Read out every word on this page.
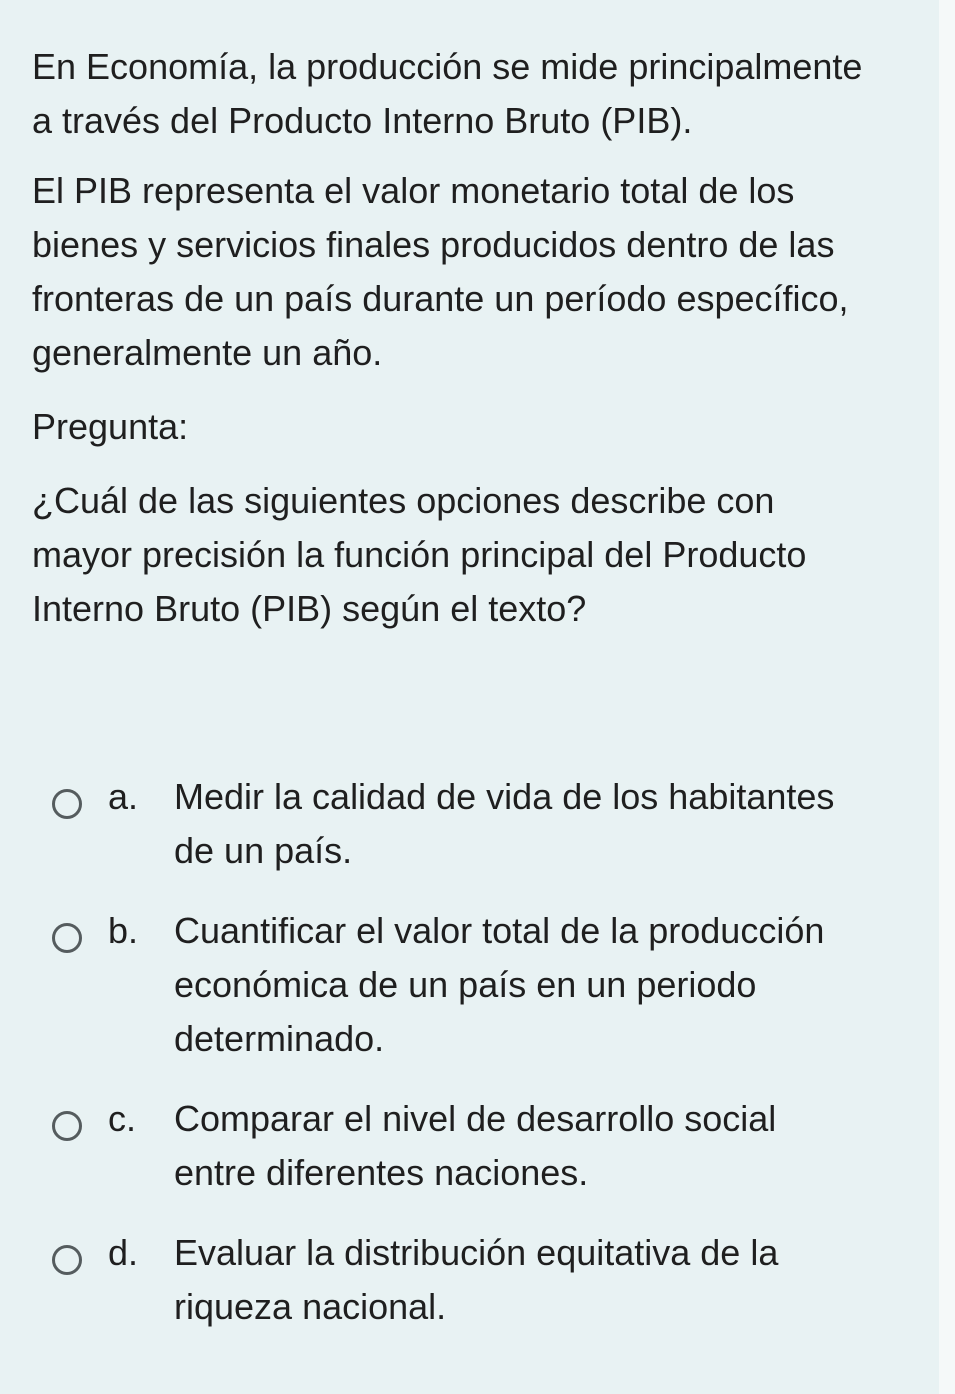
En Economía, la producción se mide principalmente a través del Producto Interno Bruto (PIB).

El PIB representa el valor monetario total de los bienes y servicios finales producidos dentro de las fronteras de un país durante un período específico, generalmente un año.

Pregunta:

¿Cuál de las siguientes opciones describe con mayor precisión la función principal del Producto Interno Bruto (PIB) según el texto?

a. Medir la calidad de vida de los habitantes de un país.

b. Cuantificar el valor total de la producción económica de un país en un periodo determinado.

c. Comparar el nivel de desarrollo social entre diferentes naciones.

d. Evaluar la distribución equitativa de la riqueza nacional.
